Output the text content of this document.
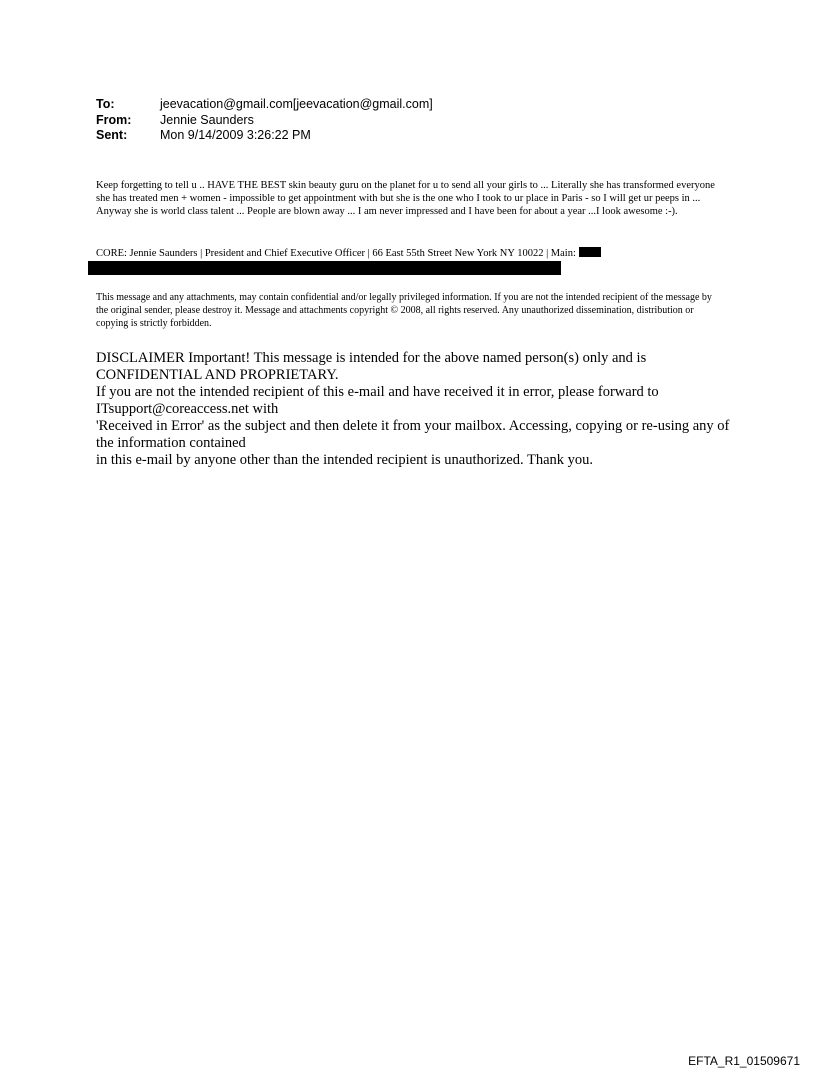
To:	jeevacation@gmail.com[jeevacation@gmail.com]
From:	Jennie Saunders
Sent:	Mon 9/14/2009 3:26:22 PM

Keep forgetting to tell u .. HAVE THE BEST skin beauty guru on the planet for u to send all your girls to ... Literally she has transformed everyone she has treated men + women - impossible to get appointment with but she is the one who I took to ur place in Paris - so I will get ur peeps in ... Anyway she is world class talent ... People are blown away ... I am never impressed and I have been for about a year ...I look awesome :-).

CORE: Jennie Saunders | President and Chief Executive Officer | 66 East 55th Street New York NY 10022 | Main:

This message and any attachments, may contain confidential and/or legally privileged information. If you are not the intended recipient of the message by the original sender, please destroy it. Message and attachments copyright © 2008, all rights reserved. Any unauthorized dissemination, distribution or copying is strictly forbidden.

DISCLAIMER Important! This message is intended for the above named person(s) only and is CONFIDENTIAL AND PROPRIETARY.

If you are not the intended recipient of this e-mail and have received it in error, please forward to ITsupport@coreaccess.net with

'Received in Error' as the subject and then delete it from your mailbox. Accessing, copying or re-using any of the information contained

in this e-mail by anyone other than the intended recipient is unauthorized. Thank you.

EFTA_R1_01509671
